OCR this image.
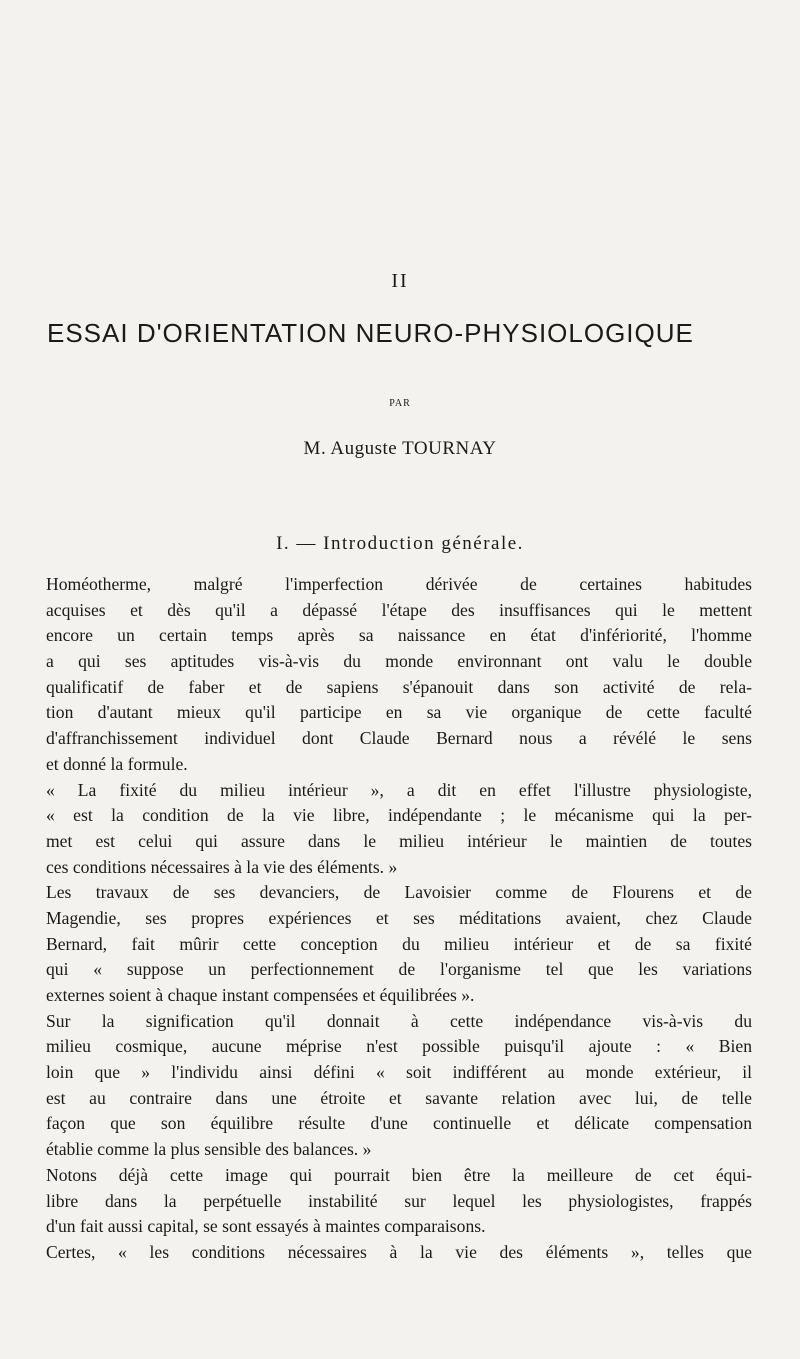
II
ESSAI D'ORIENTATION NEURO-PHYSIOLOGIQUE
PAR
M. Auguste TOURNAY
I. — Introduction générale.
Homéotherme, malgré l'imperfection dérivée de certaines habitudes
acquises et dès qu'il a dépassé l'étape des insuffisances qui le mettent
encore un certain temps après sa naissance en état d'infériorité, l'homme
a qui ses aptitudes vis-à-vis du monde environnant ont valu le double
qualificatif de faber et de sapiens s'épanouit dans son activité de rela-
tion d'autant mieux qu'il participe en sa vie organique de cette faculté
d'affranchissement individuel dont Claude Bernard nous a révélé le sens
et donné la formule.
« La fixité du milieu intérieur », a dit en effet l'illustre physiologiste,
« est la condition de la vie libre, indépendante ; le mécanisme qui la per-
met est celui qui assure dans le milieu intérieur le maintien de toutes
ces conditions nécessaires à la vie des éléments. »
Les travaux de ses devanciers, de Lavoisier comme de Flourens et de
Magendie, ses propres expériences et ses méditations avaient, chez Claude
Bernard, fait mûrir cette conception du milieu intérieur et de sa fixité
qui « suppose un perfectionnement de l'organisme tel que les variations
externes soient à chaque instant compensées et équilibrées ».
Sur la signification qu'il donnait à cette indépendance vis-à-vis du
milieu cosmique, aucune méprise n'est possible puisqu'il ajoute : « Bien
loin que » l'individu ainsi défini « soit indifférent au monde extérieur, il
est au contraire dans une étroite et savante relation avec lui, de telle
façon que son équilibre résulte d'une continuelle et délicate compensation
établie comme la plus sensible des balances. »
Notons déjà cette image qui pourrait bien être la meilleure de cet équi-
libre dans la perpétuelle instabilité sur lequel les physiologistes, frappés
d'un fait aussi capital, se sont essayés à maintes comparaisons.
Certes, « les conditions nécessaires à la vie des éléments », telles que
